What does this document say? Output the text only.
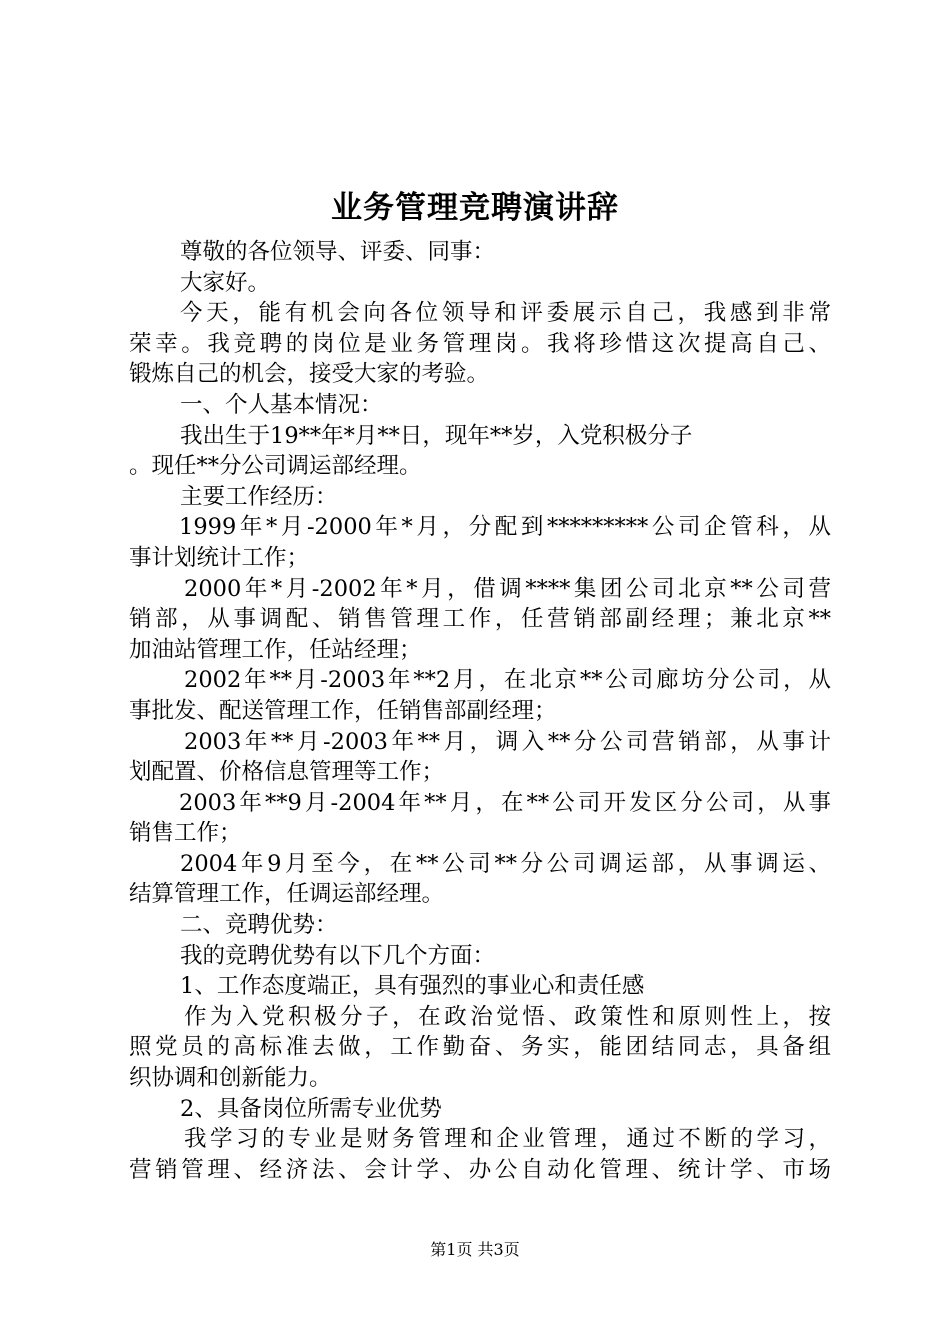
业务管理竞聘演讲辞
尊敬的各位领导、评委、同事：
大家好。
今天，能有机会向各位领导和评委展示自己，我感到非常
荣幸。我竞聘的岗位是业务管理岗。我将珍惜这次提高自己、
锻炼自己的机会，接受大家的考验。
一、个人基本情况：
我出生于19**年*月**日，现年**岁，入党积极分子
。现任**分公司调运部经理。
主要工作经历：
1999年*月-2000年*月，分配到*********公司企管科，从
事计划统计工作；
2000年*月-2002年*月，借调****集团公司北京**公司营
销部，从事调配、销售管理工作，任营销部副经理；兼北京**
加油站管理工作，任站经理；
2002年**月-2003年**2月，在北京**公司廊坊分公司，从
事批发、配送管理工作，任销售部副经理；
2003年**月-2003年**月，调入**分公司营销部，从事计
划配置、价格信息管理等工作；
2003年**9月-2004年**月，在**公司开发区分公司，从事
销售工作；
2004年9月至今，在**公司**分公司调运部，从事调运、
结算管理工作，任调运部经理。
二、竞聘优势：
我的竞聘优势有以下几个方面：
1、工作态度端正，具有强烈的事业心和责任感
作为入党积极分子，在政治觉悟、政策性和原则性上，按
照党员的高标准去做，工作勤奋、务实，能团结同志，具备组
织协调和创新能力。
2、具备岗位所需专业优势
我学习的专业是财务管理和企业管理，通过不断的学习，
营销管理、经济法、会计学、办公自动化管理、统计学、市场
第1页 共3页
